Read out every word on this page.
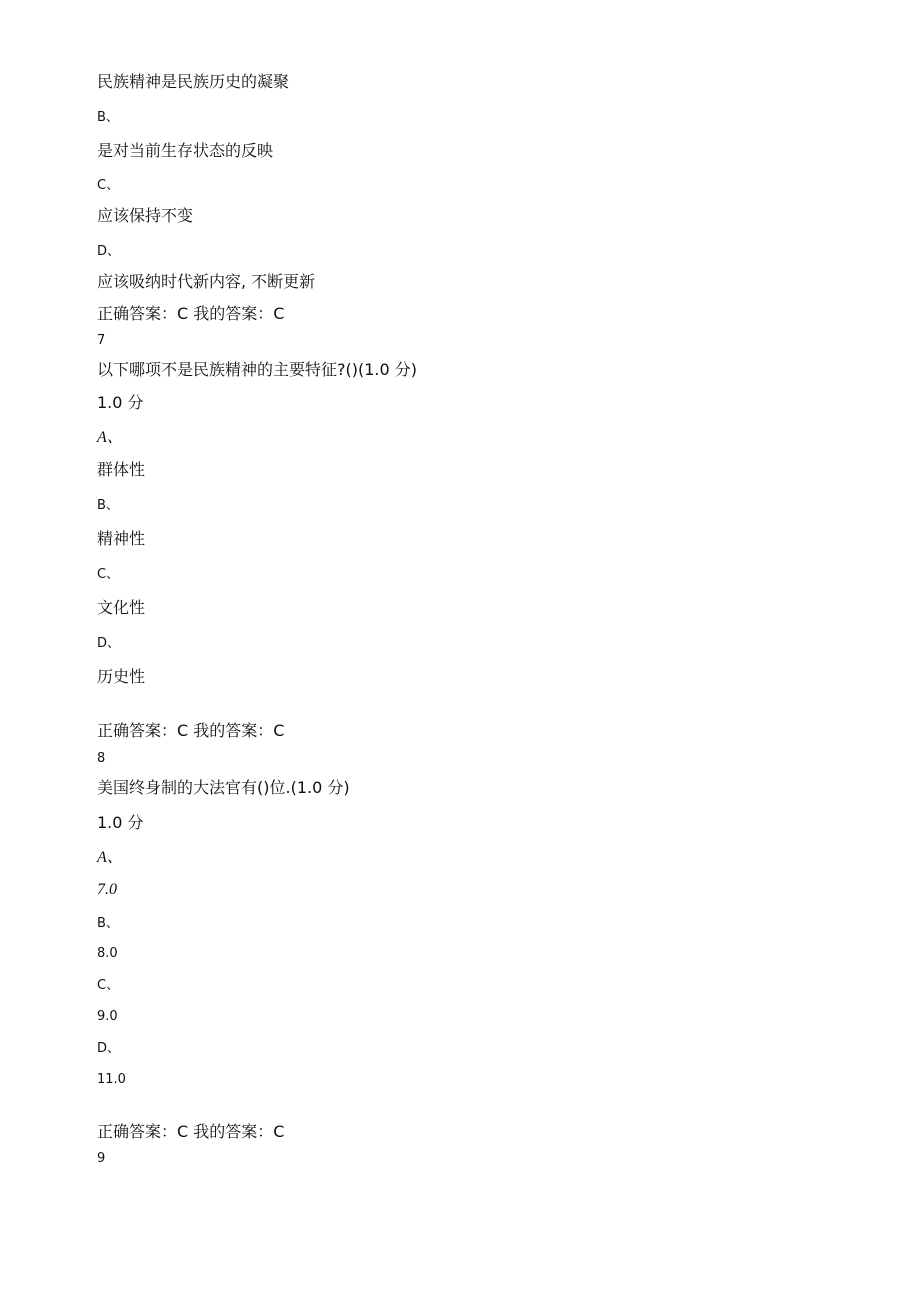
民族精神是民族历史的凝聚
B、
是对当前生存状态的反映
C、
应该保持不变
D、
应该吸纳时代新内容, 不断更新
正确答案：C 我的答案：C
7
以下哪项不是民族精神的主要特征?()(1.0 分)
1.0 分
A、
群体性
B、
精神性
C、
文化性
D、
历史性
正确答案：C 我的答案：C
8
美国终身制的大法官有()位.(1.0 分)
1.0 分
A、
7.0
B、
8.0
C、
9.0
D、
11.0
正确答案：C 我的答案：C
9
